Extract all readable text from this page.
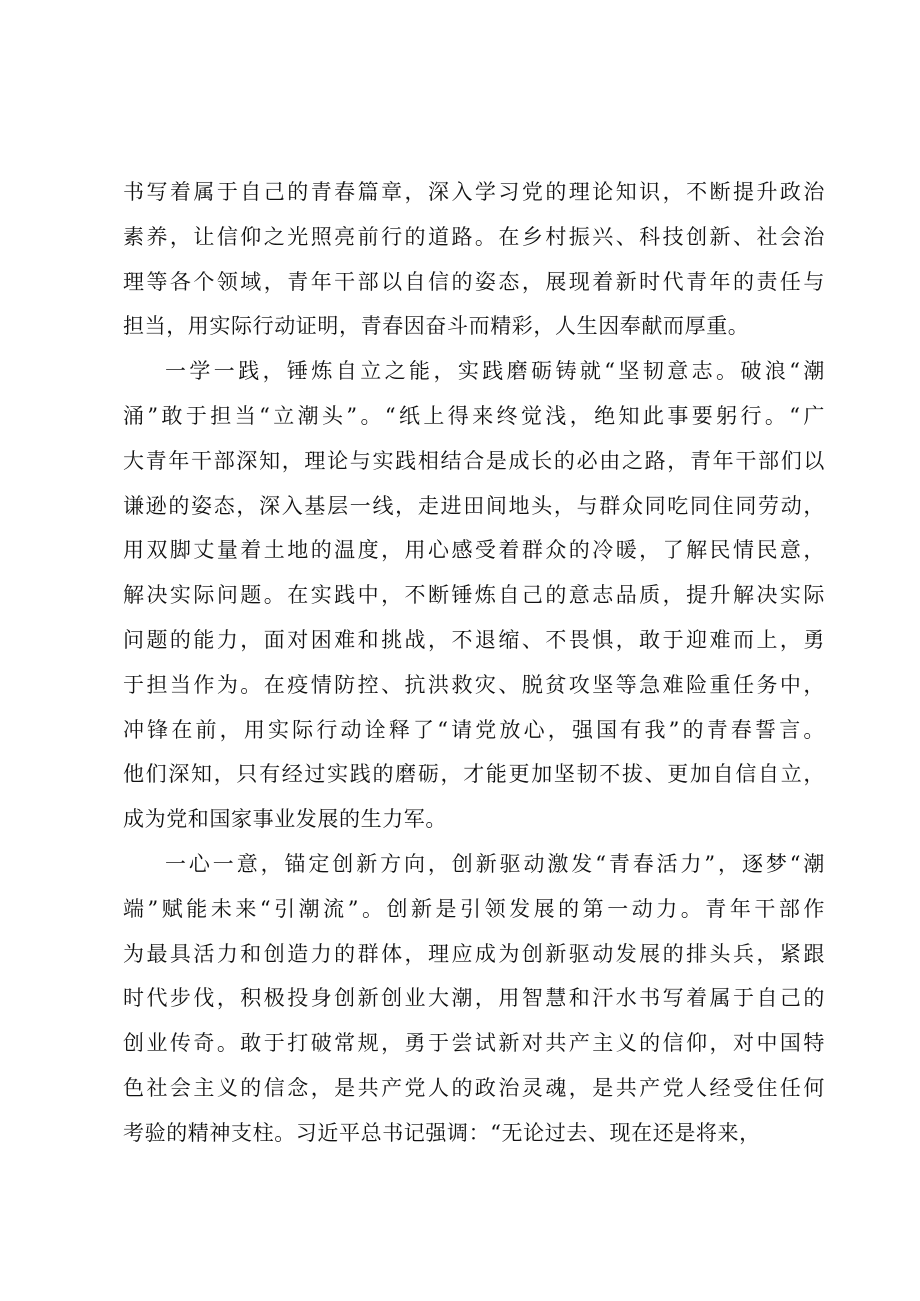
书写着属于自己的青春篇章，深入学习党的理论知识，不断提升政治
素养，让信仰之光照亮前行的道路。在乡村振兴、科技创新、社会治
理等各个领域，青年干部以自信的姿态，展现着新时代青年的责任与
担当，用实际行动证明，青春因奋斗而精彩，人生因奉献而厚重。
一学一践，锤炼自立之能，实践磨砺铸就“坚韧意志。破浪“潮
涌”敢于担当“立潮头”。“纸上得来终觉浅，绝知此事要躬行。“广
大青年干部深知，理论与实践相结合是成长的必由之路，青年干部们以
谦逊的姿态，深入基层一线，走进田间地头，与群众同吃同住同劳动，
用双脚丈量着土地的温度，用心感受着群众的冷暖，了解民情民意，
解决实际问题。在实践中，不断锤炼自己的意志品质，提升解决实际
问题的能力，面对困难和挑战，不退缩、不畏惧，敢于迎难而上，勇
于担当作为。在疫情防控、抗洪救灾、脱贫攻坚等急难险重任务中，
冲锋在前，用实际行动诠释了“请党放心，强国有我”的青春誓言。
他们深知，只有经过实践的磨砺，才能更加坚韧不拔、更加自信自立，
成为党和国家事业发展的生力军。
一心一意，锚定创新方向，创新驱动激发“青春活力”，逐梦“潮
端”赋能未来“引潮流”。创新是引领发展的第一动力。青年干部作
为最具活力和创造力的群体，理应成为创新驱动发展的排头兵，紧跟
时代步伐，积极投身创新创业大潮，用智慧和汗水书写着属于自己的
创业传奇。敢于打破常规，勇于尝试新对共产主义的信仰，对中国特
色社会主义的信念，是共产党人的政治灵魂，是共产党人经受住任何
考验的精神支柱。习近平总书记强调：“无论过去、现在还是将来，
